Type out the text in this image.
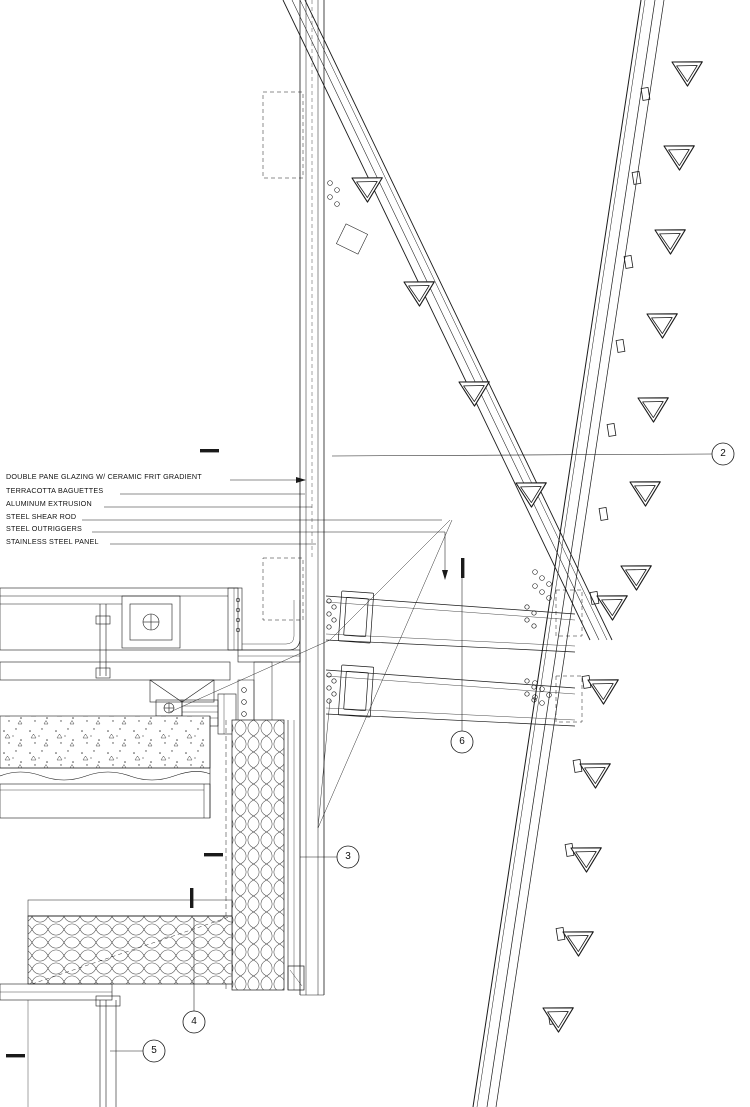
DOUBLE PANE GLAZING W/ CERAMIC FRIT GRADIENT
TERRACOTTA BAGUETTES
ALUMINUM EXTRUSION
STEEL SHEAR ROD
STEEL OUTRIGGERS
STAINLESS STEEL PANEL
2
6
3
4
5
